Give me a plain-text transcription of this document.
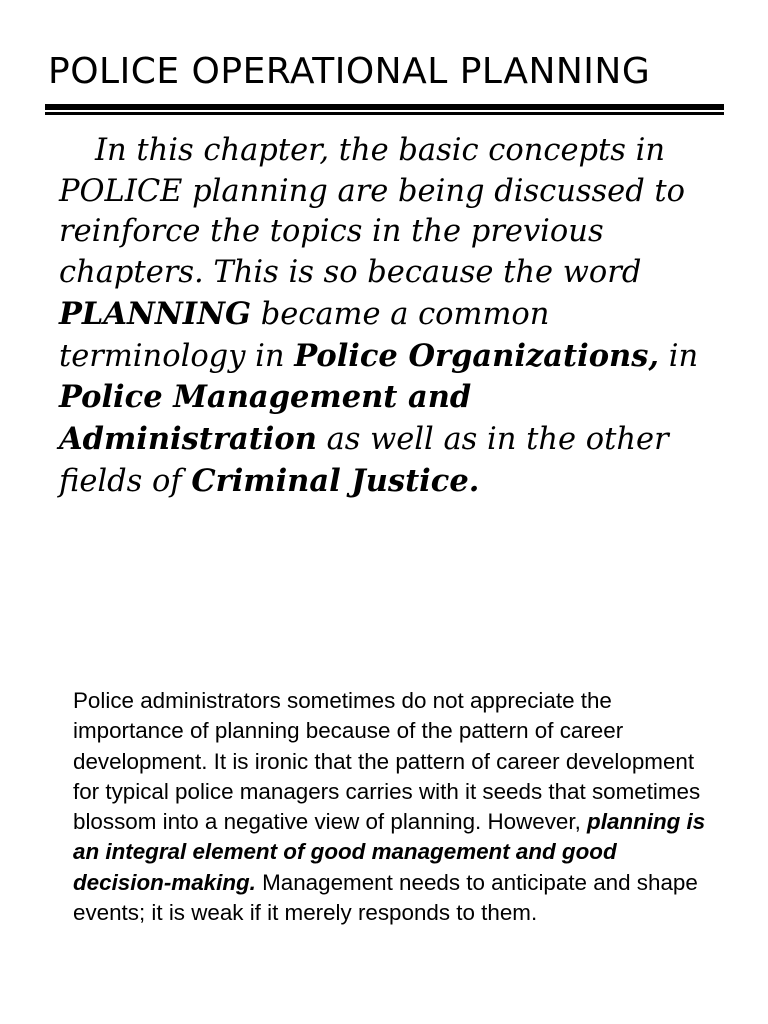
POLICE OPERATIONAL PLANNING

In this chapter, the basic concepts in POLICE planning are being discussed to reinforce the topics in the previous chapters. This is so because the word PLANNING became a common terminology in Police Organizations, in Police Management and Administration as well as in the other fields of Criminal Justice.

Police administrators sometimes do not appreciate the importance of planning because of the pattern of career development. It is ironic that the pattern of career development for typical police managers carries with it seeds that sometimes blossom into a negative view of planning. However, planning is an integral element of good management and good decision-making. Management needs to anticipate and shape events; it is weak if it merely responds to them.
